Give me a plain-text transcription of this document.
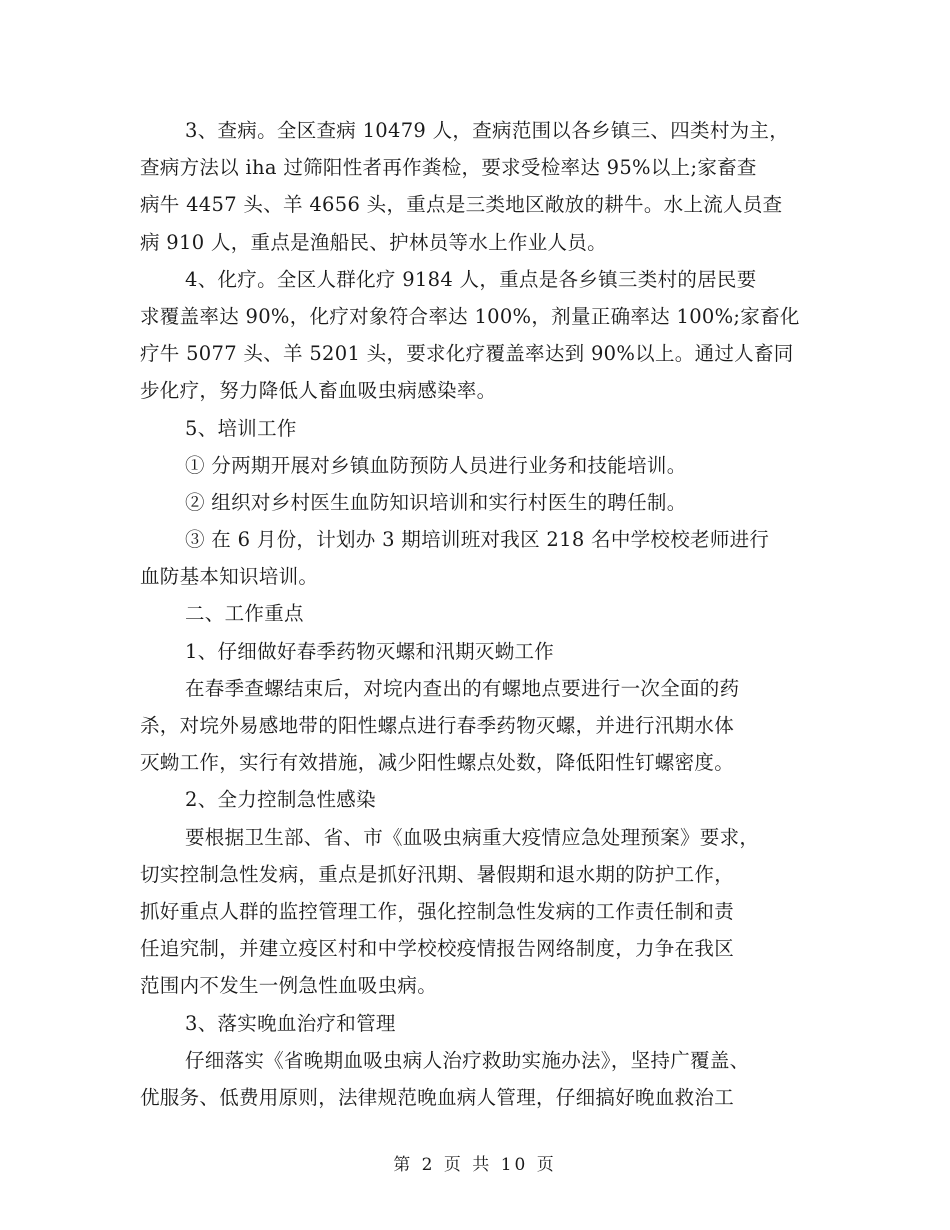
3、查病。全区查病 10479 人，查病范围以各乡镇三、四类村为主，
查病方法以 iha 过筛阳性者再作粪检，要求受检率达 95%以上;家畜查
病牛 4457 头、羊 4656 头，重点是三类地区敞放的耕牛。水上流人员查
病 910 人，重点是渔船民、护林员等水上作业人员。
4、化疗。全区人群化疗 9184 人，重点是各乡镇三类村的居民要
求覆盖率达 90%，化疗对象符合率达 100%，剂量正确率达 100%;家畜化
疗牛 5077 头、羊 5201 头，要求化疗覆盖率达到 90%以上。通过人畜同
步化疗，努力降低人畜血吸虫病感染率。
5、培训工作
① 分两期开展对乡镇血防预防人员进行业务和技能培训。
② 组织对乡村医生血防知识培训和实行村医生的聘任制。
③ 在 6 月份，计划办 3 期培训班对我区 218 名中学校校老师进行
血防基本知识培训。
二、工作重点
1、仔细做好春季药物灭螺和汛期灭蚴工作
在春季查螺结束后，对垸内查出的有螺地点要进行一次全面的药
杀，对垸外易感地带的阳性螺点进行春季药物灭螺，并进行汛期水体
灭蚴工作，实行有效措施，减少阳性螺点处数，降低阳性钉螺密度。
2、全力控制急性感染
要根据卫生部、省、市《血吸虫病重大疫情应急处理预案》要求，
切实控制急性发病，重点是抓好汛期、暑假期和退水期的防护工作，
抓好重点人群的监控管理工作，强化控制急性发病的工作责任制和责
任追究制，并建立疫区村和中学校校疫情报告网络制度，力争在我区
范围内不发生一例急性血吸虫病。
3、落实晚血治疗和管理
仔细落实《省晚期血吸虫病人治疗救助实施办法》，坚持广覆盖、
优服务、低费用原则，法律规范晚血病人管理，仔细搞好晚血救治工
第 2 页 共 10 页
